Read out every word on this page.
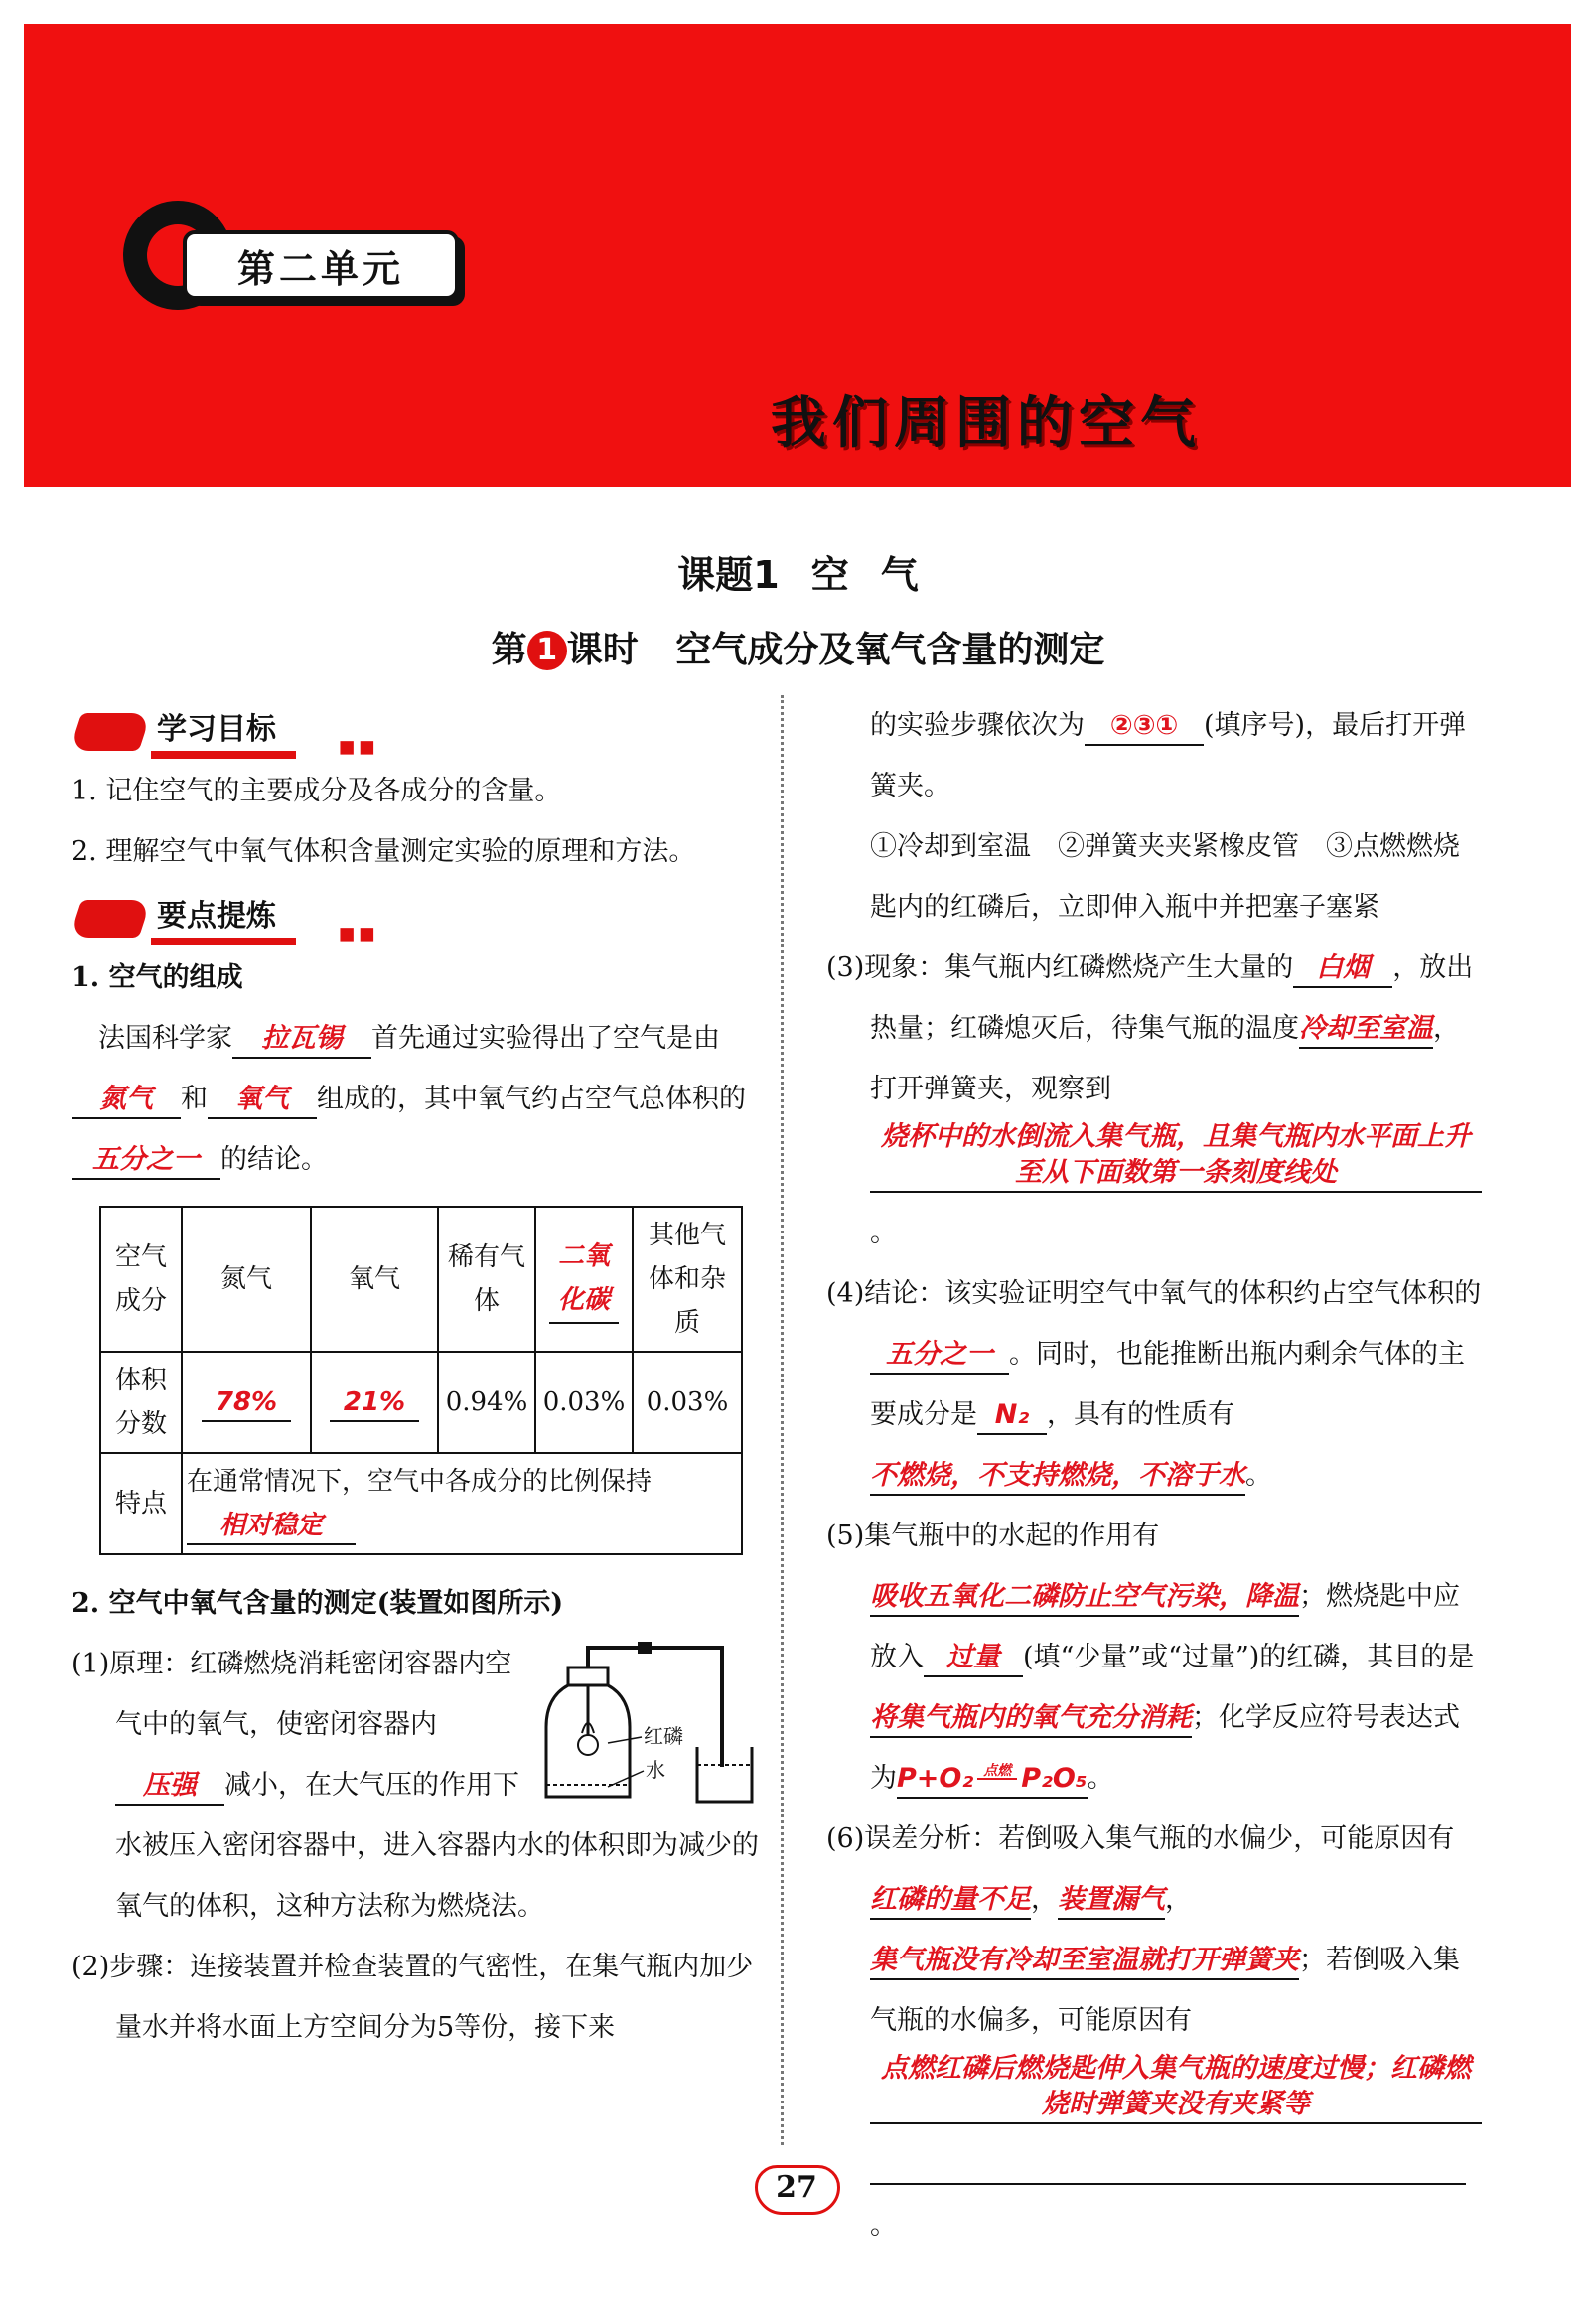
第二单元
我们周围的空气
课题1 空 气
第 1 课时 空气成分及氧气含量的测定
学习目标	▪▪

1. 记住空气的主要成分及各成分的含量。

2. 理解空气中氧气体积含量测定实验的原理和方法。

要点提炼	▪▪

1. 空气的组成

法国科学家 拉瓦锡 首先通过实验得出了空气是由氮气 和 氧气 组成的，其中氧气约占空气总体积的五分之一 的结论。

空气成分	氮气	氧气	稀有气体	二氧化碳	其他气体和杂质
体积分数	78%	21%	0.94%	0.03%	0.03%
特点	在通常情况下，空气中各成分的比例保持
相对稳定				

2. 空气中氧气含量的测定(装置如图所示)

红磷
水

(1)原理：红磷燃烧消耗密闭容器内空气中的氧气，使密闭容器内压强 减小，在大气压的作用下水被压入密闭容器中，进入容器内水的体积即为减少的氧气的体积，这种方法称为燃烧法。

(2)步骤：连接装置并检查装置的气密性，在集气瓶内加少量水并将水面上方空间分为5等份，接下来

的实验步骤依次为 ②③① (填序号)，最后打开弹簧夹。

①冷却到室温　②弹簧夹夹紧橡皮管　③点燃燃烧匙内的红磷后，立即伸入瓶中并把塞子塞紧

(3)现象：集气瓶内红磷燃烧产生大量的 白烟 ，放出热量；红磷熄灭后，待集气瓶的温度冷却至室温，打开弹簧夹，观察到烧杯中的水倒流入集气瓶，且集气瓶内水平面上升至从下面数第一条刻度线处。

(4)结论：该实验证明空气中氧气的体积约占空气体积的五分之一 。同时，也能推断出瓶内剩余气体的主要成分是 N₂ ，具有的性质有不燃烧，不支持燃烧，不溶于水。

(5)集气瓶中的水起的作用有吸收五氧化二磷防止空气污染，降温；燃烧匙中应放入 过量 (填“少量”或“过量”)的红磷，其目的是将集气瓶内的氧气充分消耗；化学反应符号表达式为P+O₂ 点燃 P₂O₅。

(6)误差分析：若倒吸入集气瓶的水偏少，可能原因有红磷的量不足，装置漏气，集气瓶没有冷却至室温就打开弹簧夹；若倒吸入集气瓶的水偏多，可能原因有点燃红磷后燃烧匙伸入集气瓶的速度过慢；红磷燃烧时弹簧夹没有夹紧等
。

27
